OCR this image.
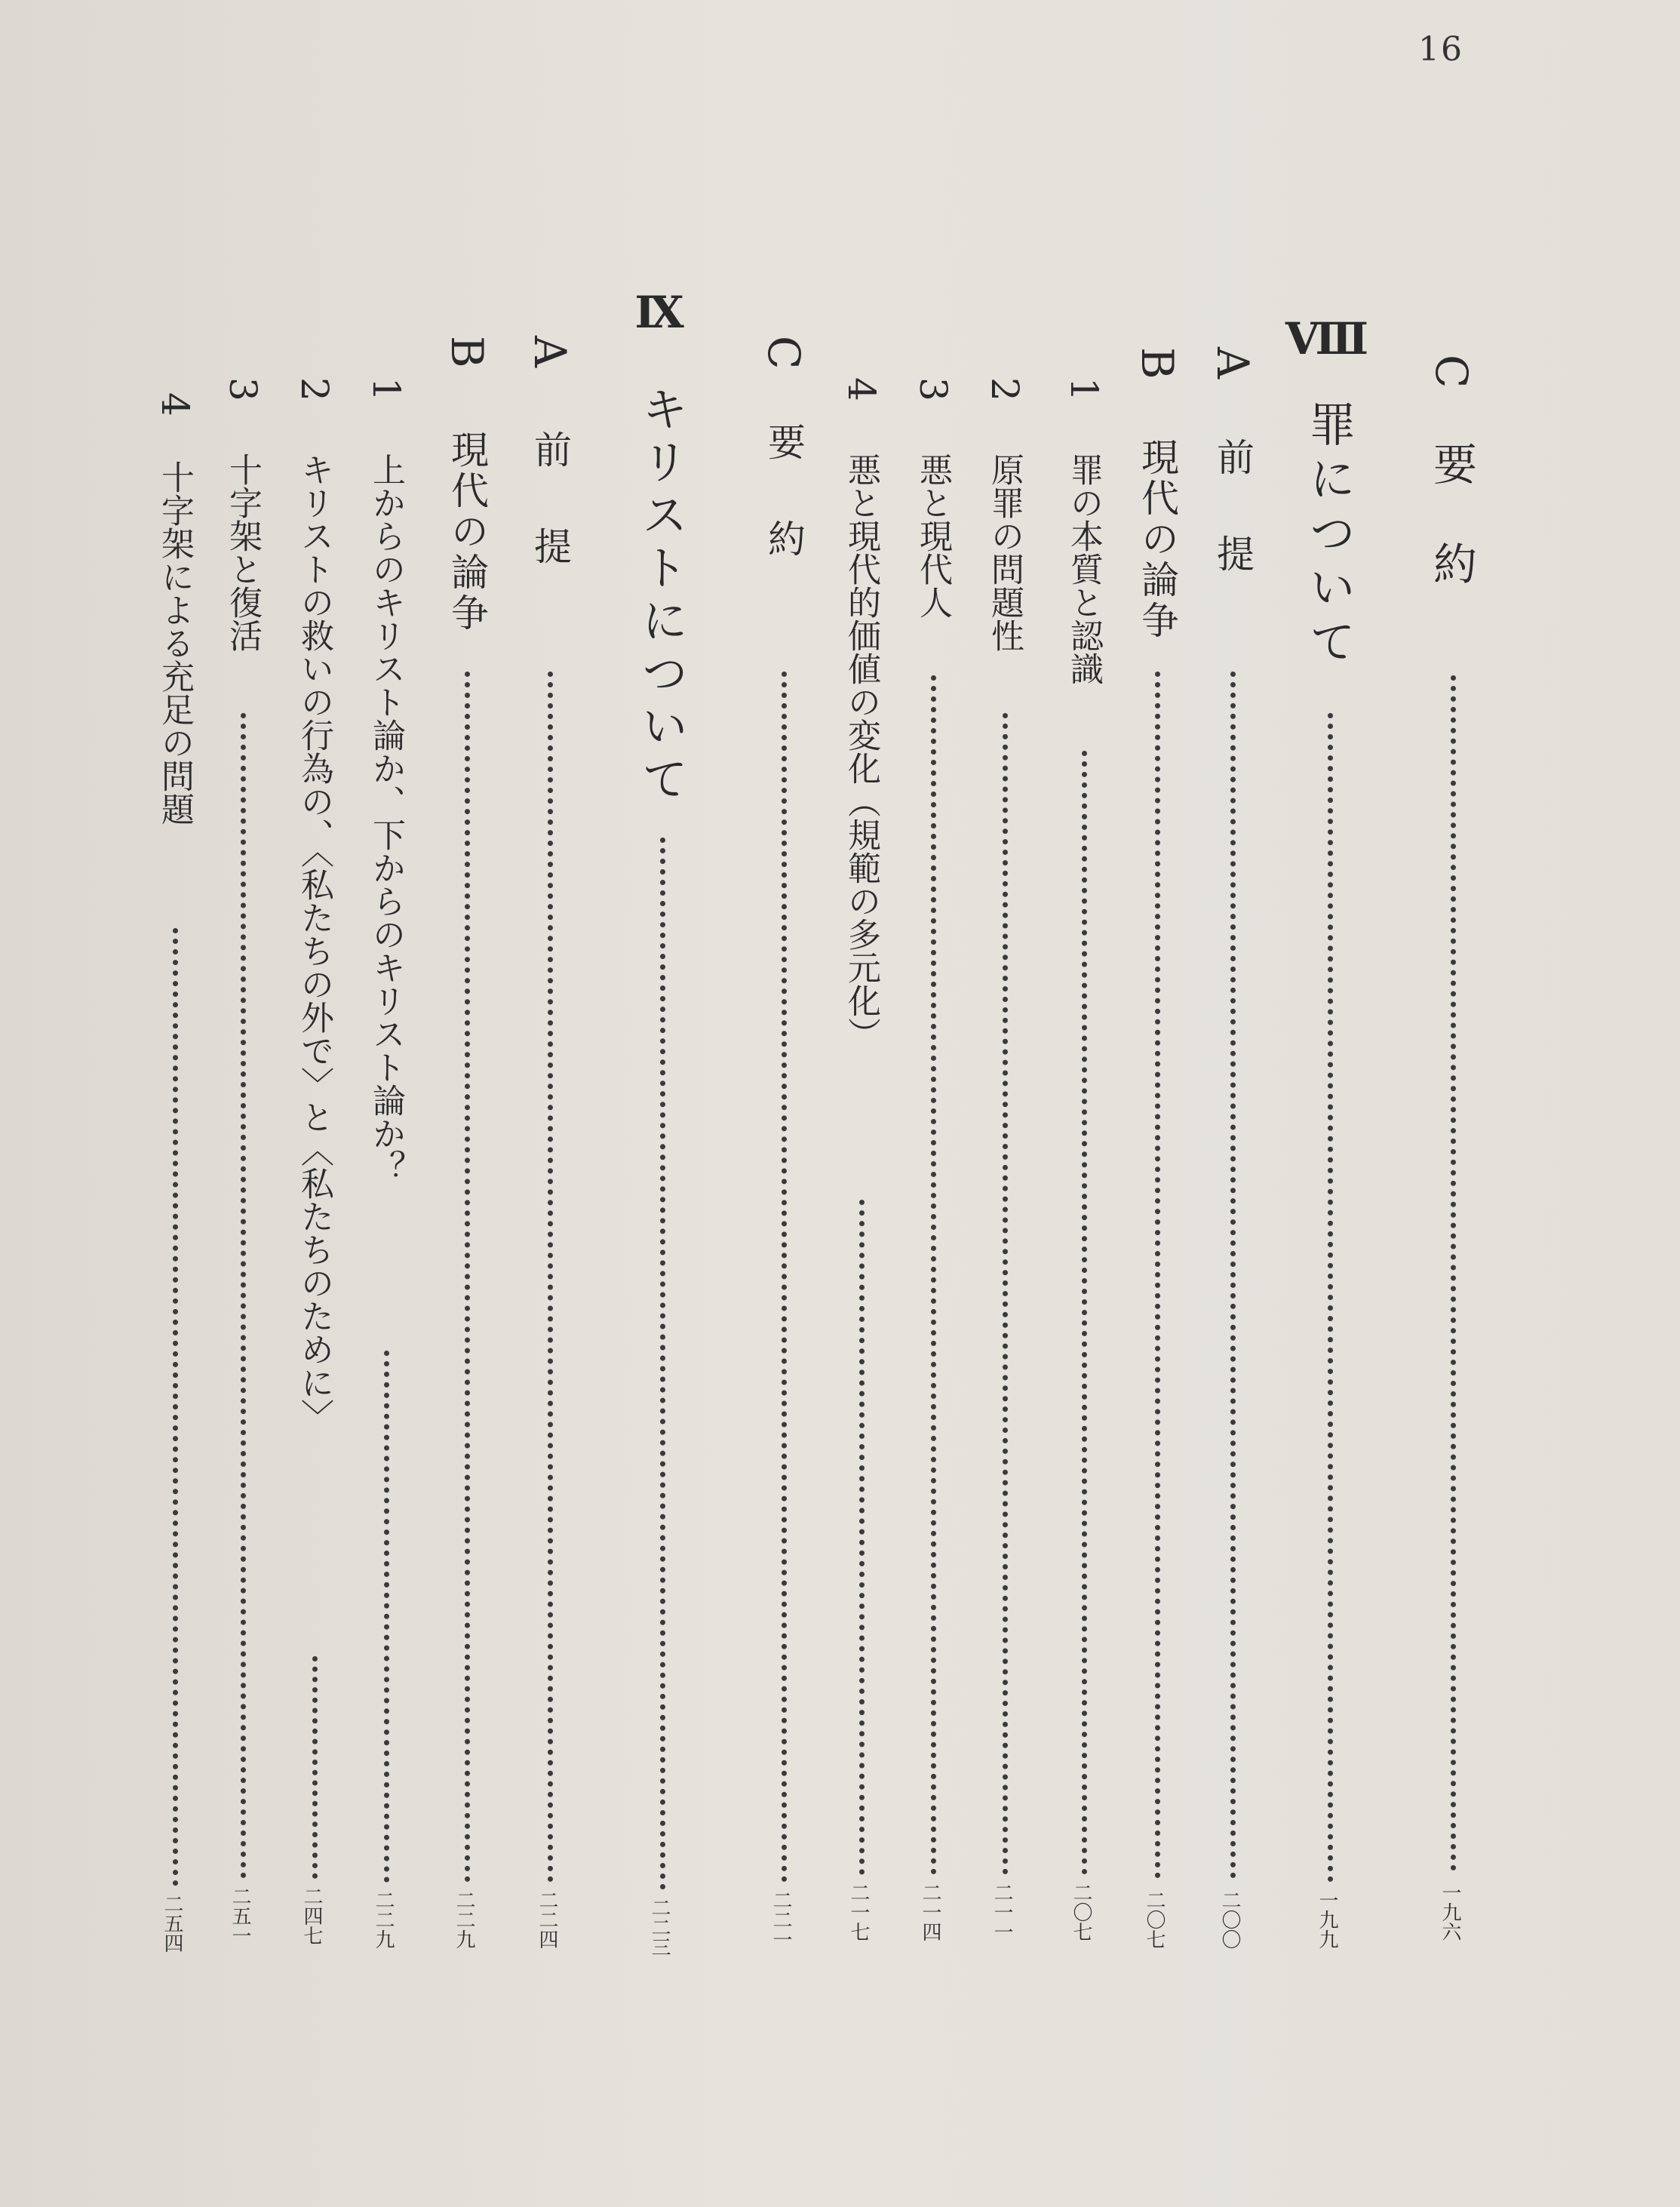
16
C
要　約
一九六
Ⅷ
罪について
一九九
A
前　提
二〇〇
B
現代の論争
二〇七
1
罪の本質と認識
二〇七
2
原罪の問題性
二一一
3
悪と現代人
二一四
4
悪と現代的価値の変化（規範の多元化）
二一七
C
要　約
二二一
Ⅸ
キリストについて
二二三
A
前　提
二二四
B
現代の論争
二二九
1
上からのキリスト論か、下からのキリスト論か？
二二九
2
キリストの救いの行為の、〈私たちの外で〉と〈私たちのために〉
二四七
3
十字架と復活
二五一
4
十字架による充足の問題
二五四
